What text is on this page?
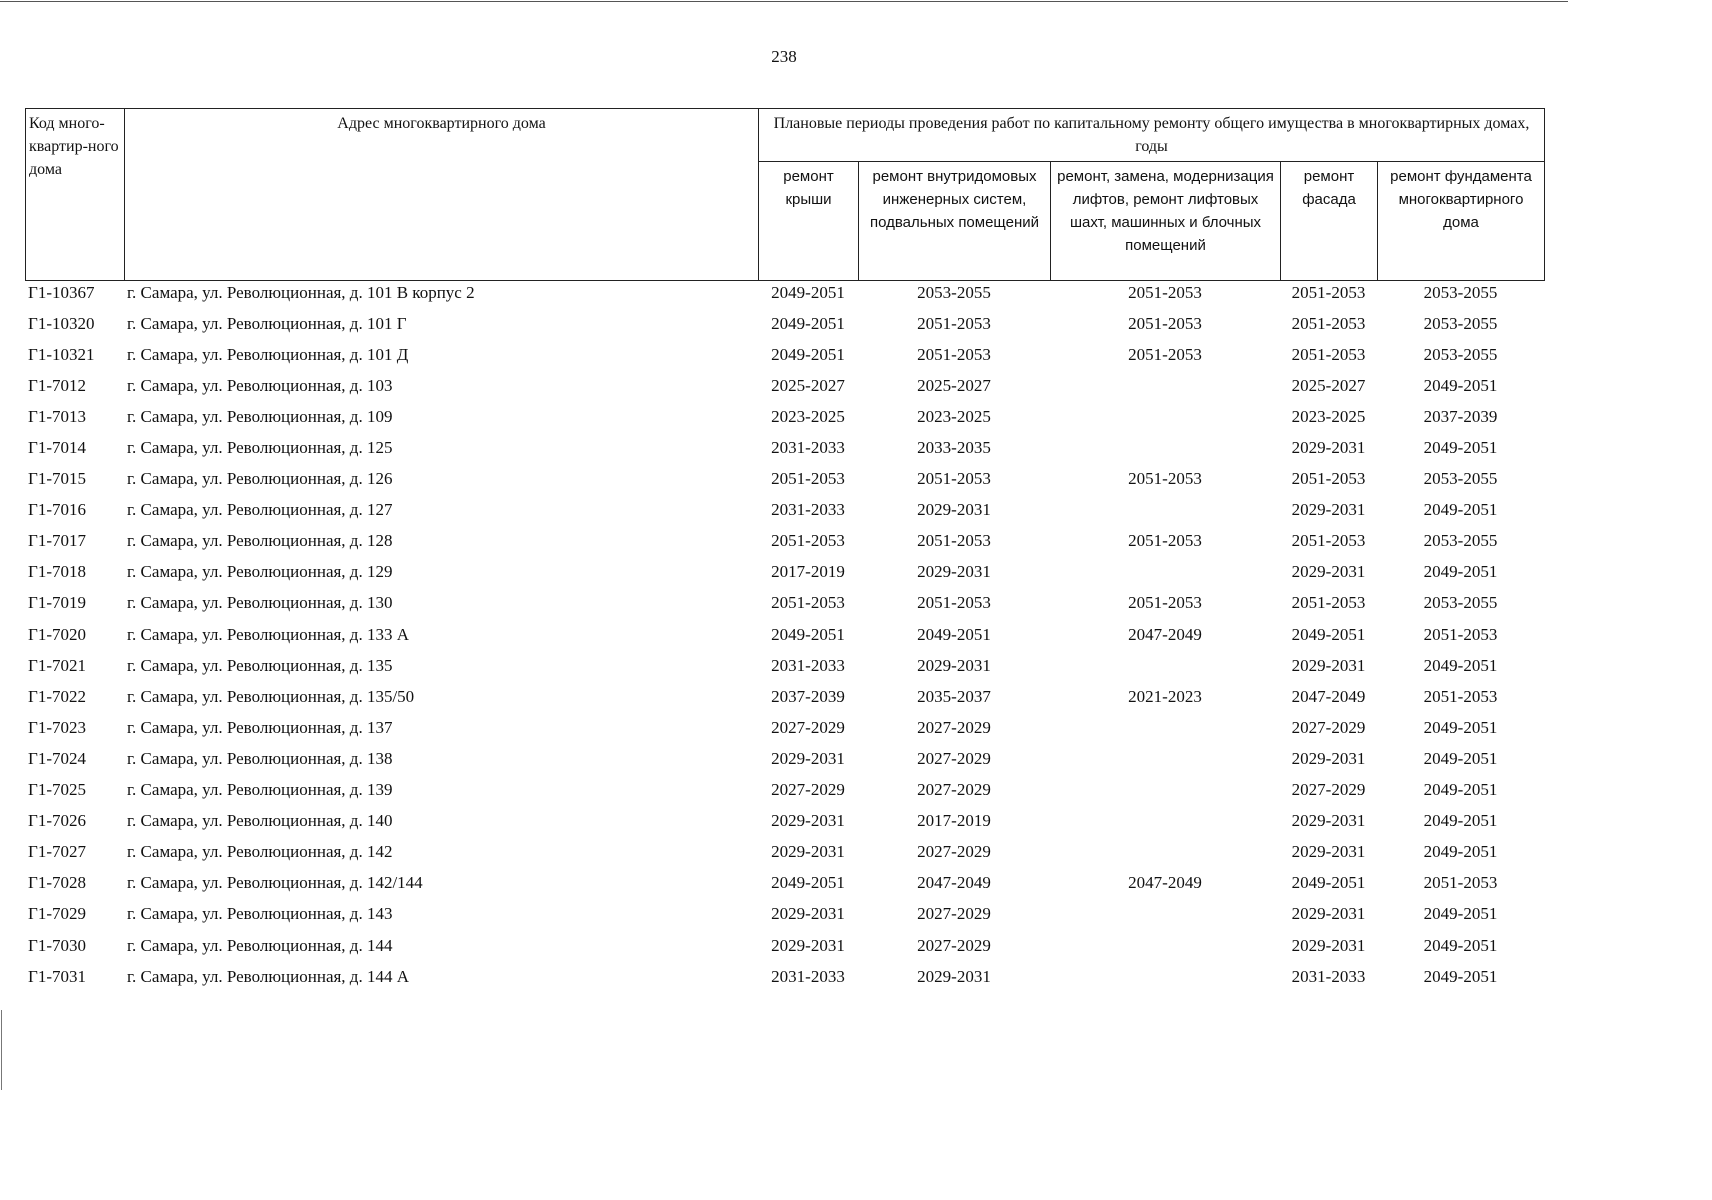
238
Код много-квартир-ного дома	Адрес многоквартирного дома	Плановые периоды проведения работ по капитальному ремонту общего имущества в многоквартирных домах, годы				
		ремонт крыши	ремонт внутридомовых инженерных систем, подвальных помещений	ремонт, замена, модернизация лифтов, ремонт лифтовых шахт, машинных и блочных помещений	ремонт фасада	ремонт фундамента многоквартирного дома
Г1-10367	г. Самара, ул. Революционная, д. 101 В корпус 2	2049-2051	2053-2055	2051-2053	2051-2053	2053-2055
Г1-10320	г. Самара, ул. Революционная, д. 101 Г	2049-2051	2051-2053	2051-2053	2051-2053	2053-2055
Г1-10321	г. Самара, ул. Революционная, д. 101 Д	2049-2051	2051-2053	2051-2053	2051-2053	2053-2055
Г1-7012	г. Самара, ул. Революционная, д. 103	2025-2027	2025-2027		2025-2027	2049-2051
Г1-7013	г. Самара, ул. Революционная, д. 109	2023-2025	2023-2025		2023-2025	2037-2039
Г1-7014	г. Самара, ул. Революционная, д. 125	2031-2033	2033-2035		2029-2031	2049-2051
Г1-7015	г. Самара, ул. Революционная, д. 126	2051-2053	2051-2053	2051-2053	2051-2053	2053-2055
Г1-7016	г. Самара, ул. Революционная, д. 127	2031-2033	2029-2031		2029-2031	2049-2051
Г1-7017	г. Самара, ул. Революционная, д. 128	2051-2053	2051-2053	2051-2053	2051-2053	2053-2055
Г1-7018	г. Самара, ул. Революционная, д. 129	2017-2019	2029-2031		2029-2031	2049-2051
Г1-7019	г. Самара, ул. Революционная, д. 130	2051-2053	2051-2053	2051-2053	2051-2053	2053-2055
Г1-7020	г. Самара, ул. Революционная, д. 133 А	2049-2051	2049-2051	2047-2049	2049-2051	2051-2053
Г1-7021	г. Самара, ул. Революционная, д. 135	2031-2033	2029-2031		2029-2031	2049-2051
Г1-7022	г. Самара, ул. Революционная, д. 135/50	2037-2039	2035-2037	2021-2023	2047-2049	2051-2053
Г1-7023	г. Самара, ул. Революционная, д. 137	2027-2029	2027-2029		2027-2029	2049-2051
Г1-7024	г. Самара, ул. Революционная, д. 138	2029-2031	2027-2029		2029-2031	2049-2051
Г1-7025	г. Самара, ул. Революционная, д. 139	2027-2029	2027-2029		2027-2029	2049-2051
Г1-7026	г. Самара, ул. Революционная, д. 140	2029-2031	2017-2019		2029-2031	2049-2051
Г1-7027	г. Самара, ул. Революционная, д. 142	2029-2031	2027-2029		2029-2031	2049-2051
Г1-7028	г. Самара, ул. Революционная, д. 142/144	2049-2051	2047-2049	2047-2049	2049-2051	2051-2053
Г1-7029	г. Самара, ул. Революционная, д. 143	2029-2031	2027-2029		2029-2031	2049-2051
Г1-7030	г. Самара, ул. Революционная, д. 144	2029-2031	2027-2029		2029-2031	2049-2051
Г1-7031	г. Самара, ул. Революционная, д. 144 А	2031-2033	2029-2031		2031-2033	2049-2051
